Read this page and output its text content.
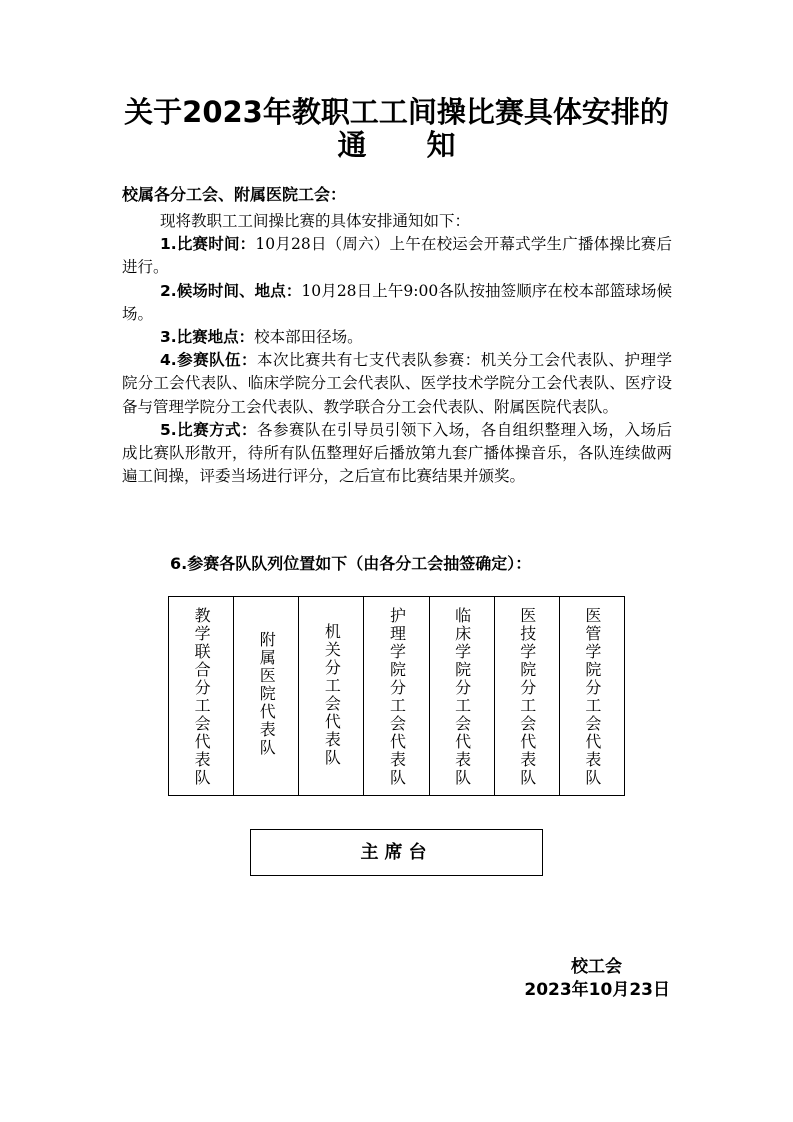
关于2023年教职工工间操比赛具体安排的
通 知
校属各分工会、附属医院工会：

现将教职工工间操比赛的具体安排通知如下：

1.比赛时间：10月28日（周六）上午在校运会开幕式学生广播体操比赛后进行。

2.候场时间、地点：10月28日上午9:00各队按抽签顺序在校本部篮球场候场。

3.比赛地点：校本部田径场。

4.参赛队伍：本次比赛共有七支代表队参赛：机关分工会代表队、护理学院分工会代表队、临床学院分工会代表队、医学技术学院分工会代表队、医疗设备与管理学院分工会代表队、教学联合分工会代表队、附属医院代表队。

5.比赛方式：各参赛队在引导员引领下入场，各自组织整理入场，入场后成比赛队形散开，待所有队伍整理好后播放第九套广播体操音乐，各队连续做两遍工间操，评委当场进行评分，之后宣布比赛结果并颁奖。

6.参赛各队队列位置如下（由各分工会抽签确定）：
教学联合分工会代表队	附属医院代表队	机关分工会代表队	护理学院分工会代表队	临床学院分工会代表队	医技学院分工会代表队	医管学院分工会代表队
主席台
校工会
2023年10月23日
